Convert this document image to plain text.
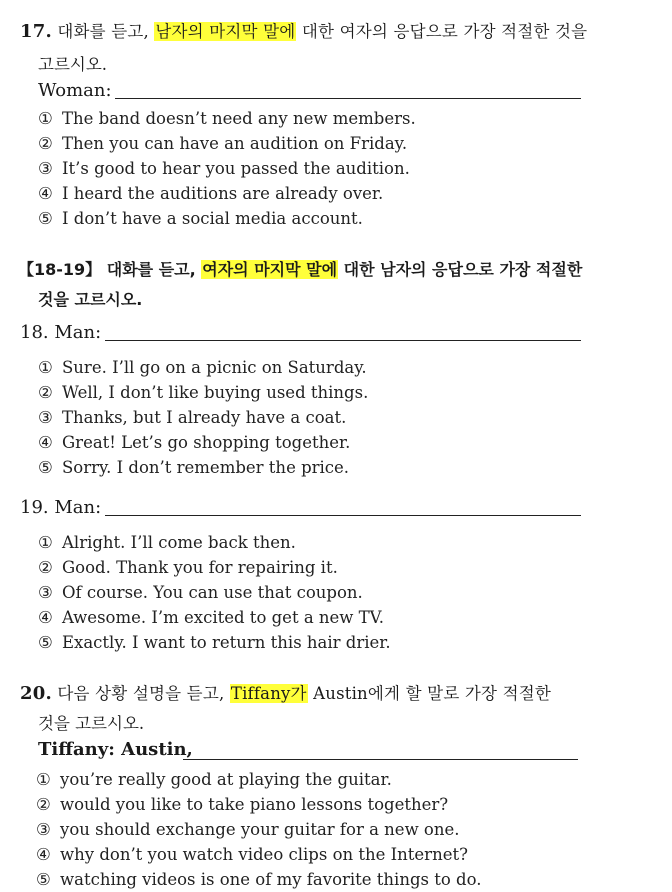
17. 대화를 듣고, 남자의 마지막 말에 대한 여자의 응답으로 가장 적절한 것을
고르시오.
Woman:
① The band doesn’t need any new members.
② Then you can have an audition on Friday.
③ It’s good to hear you passed the audition.
④ I heard the auditions are already over.
⑤ I don’t have a social media account.
【18-19】 대화를 듣고, 여자의 마지막 말에 대한 남자의 응답으로 가장 적절한
것을 고르시오.
18. Man:
① Sure. I’ll go on a picnic on Saturday.
② Well, I don’t like buying used things.
③ Thanks, but I already have a coat.
④ Great! Let’s go shopping together.
⑤ Sorry. I don’t remember the price.
19. Man:
① Alright. I’ll come back then.
② Good. Thank you for repairing it.
③ Of course. You can use that coupon.
④ Awesome. I’m excited to get a new TV.
⑤ Exactly. I want to return this hair drier.
20. 다음 상황 설명을 듣고, Tiffany가 Austin에게 할 말로 가장 적절한
것을 고르시오.
Tiffany: Austin,
① you’re really good at playing the guitar.
② would you like to take piano lessons together?
③ you should exchange your guitar for a new one.
④ why don’t you watch video clips on the Internet?
⑤ watching videos is one of my favorite things to do.
